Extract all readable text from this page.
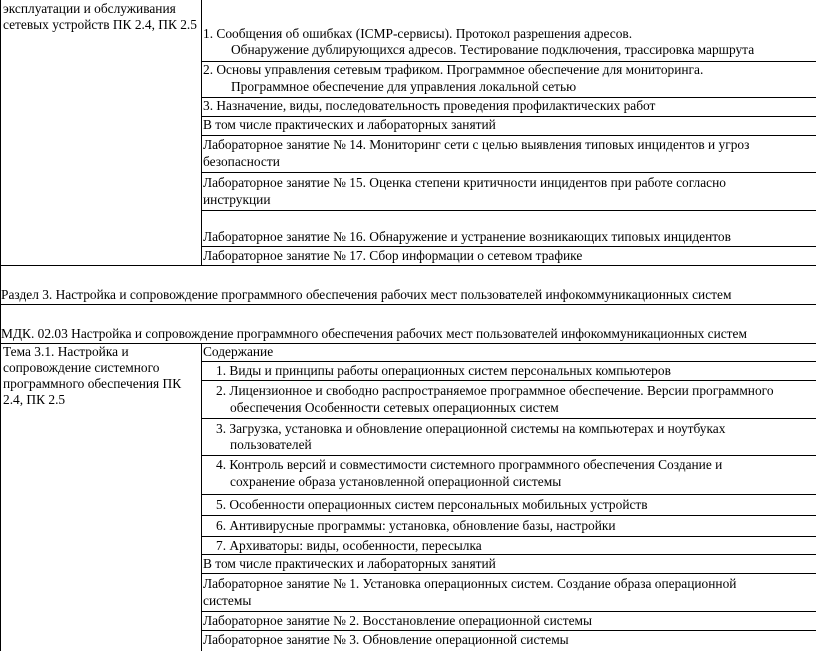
эксплуатации и обслуживания сетевых устройств ПК 2.4, ПК 2.5
1. Сообщения об ошибках (ICMP-сервисы). Протокол разрешения адресов.
Обнаружение дублирующихся адресов. Тестирование подключения, трассировка маршрута
2. Основы управления сетевым трафиком. Программное обеспечение для мониторинга.
Программное обеспечение для управления локальной сетью
3. Назначение, виды, последовательность проведения профилактических работ
В том числе практических и лабораторных занятий
Лабораторное занятие № 14. Мониторинг сети с целью выявления типовых инцидентов и угроз
безопасности
Лабораторное занятие № 15. Оценка степени критичности инцидентов при работе согласно
инструкции
Лабораторное занятие № 16. Обнаружение и устранение возникающих типовых инцидентов
Лабораторное занятие № 17. Сбор информации о сетевом трафике
Раздел 3. Настройка и сопровождение программного обеспечения рабочих мест пользователей инфокоммуникационных систем
МДК. 02.03 Настройка и сопровождение программного обеспечения рабочих мест пользователей инфокоммуникационных систем
Тема 3.1. Настройка и сопровождение системного программного обеспечения ПК 2.4, ПК 2.5
Содержание
1. Виды и принципы работы операционных систем персональных компьютеров
2. Лицензионное и свободно распространяемое программное обеспечение. Версии программного
обеспечения Особенности сетевых операционных систем
3. Загрузка, установка и обновление операционной системы на компьютерах и ноутбуках
пользователей
4. Контроль версий и совместимости системного программного обеспечения Создание и
сохранение образа установленной операционной системы
5. Особенности операционных систем персональных мобильных устройств
6. Антивирусные программы: установка, обновление базы, настройки
7. Архиваторы: виды, особенности, пересылка
В том числе практических и лабораторных занятий
Лабораторное занятие № 1. Установка операционных систем. Создание образа операционной
системы
Лабораторное занятие № 2. Восстановление операционной системы
Лабораторное занятие № 3. Обновление операционной системы
